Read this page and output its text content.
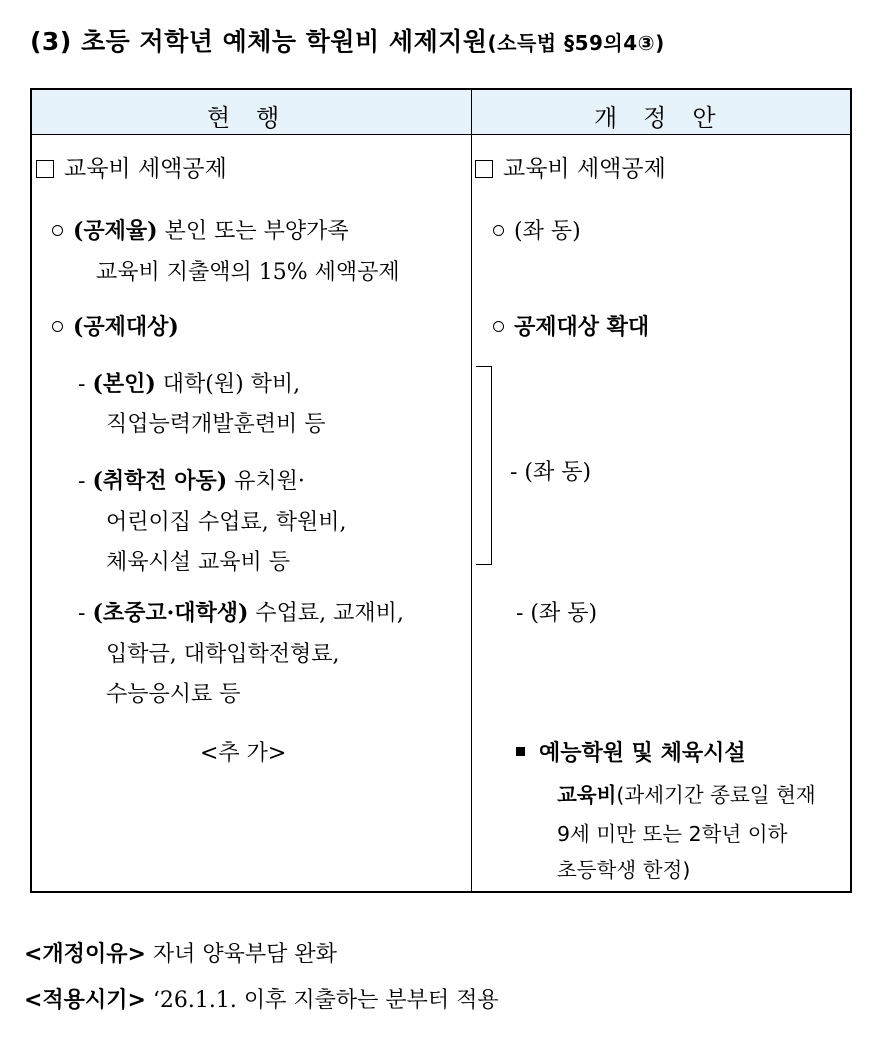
(3) 초등 저학년 예체능 학원비 세제지원(소득법 §59의4③)
현행	개정안
교육비 세액공제
(공제율) 본인 또는 부양가족
교육비 지출액의 15% 세액공제
(공제대상)
- (본인) 대학(원) 학비,
직업능력개발훈련비 등
- (취학전 아동) 유치원·
어린이집 수업료, 학원비,
체육시설 교육비 등
- (초중고·대학생) 수업료, 교재비,
입학금, 대학입학전형료,
수능응시료 등
<추 가>
교육비 세액공제
(좌 동)
공제대상 확대
- (좌 동)
- (좌 동)
예능학원 및 체육시설
교육비(과세기간 종료일 현재
9세 미만 또는 2학년 이하
초등학생 한정)
<개정이유> 자녀 양육부담 완화
<적용시기> ‘26.1.1. 이후 지출하는 분부터 적용
